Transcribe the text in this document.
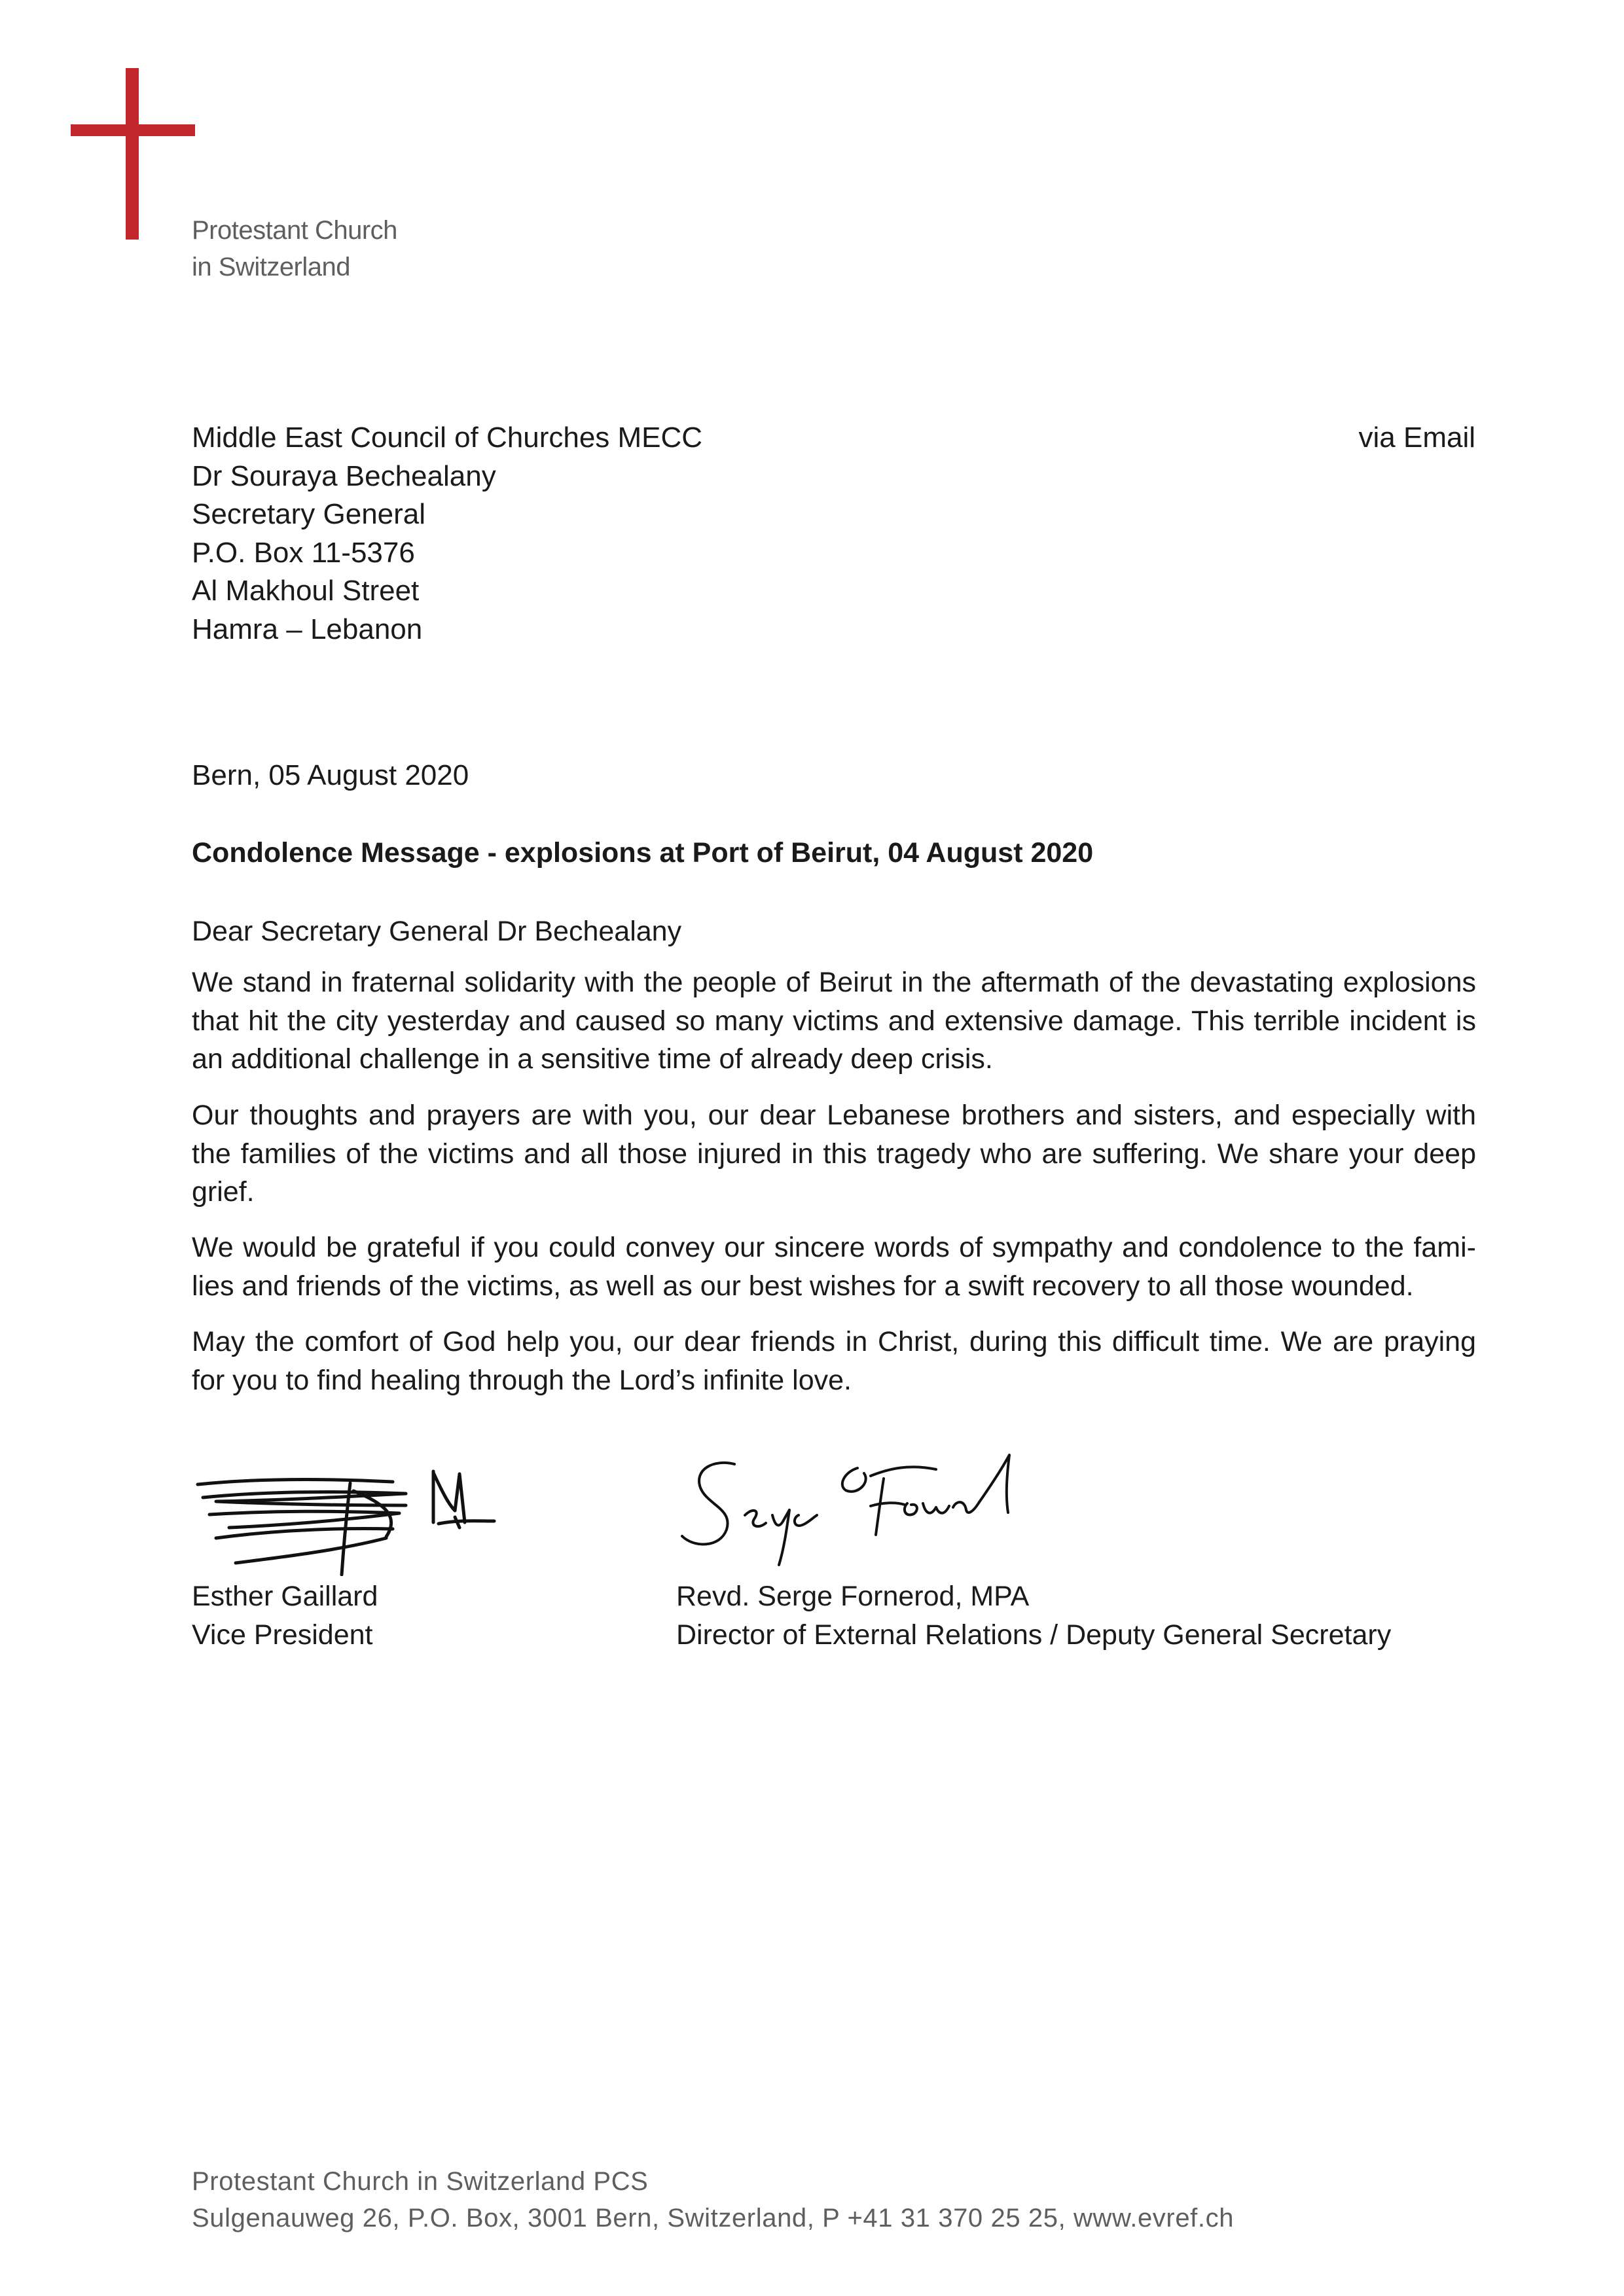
Protestant Church
in Switzerland
Middle East Council of Churches MECC
Dr Souraya Bechealany
Secretary General
P.O. Box 11-5376
Al Makhoul Street
Hamra – Lebanon
via Email
Bern, 05 August 2020
Condolence Message - explosions at Port of Beirut, 04 August 2020
Dear Secretary General Dr Bechealany
We stand in fraternal solidarity with the people of Beirut in the aftermath of the devastating explosions
that hit the city yesterday and caused so many victims and extensive damage. This terrible incident is
an additional challenge in a sensitive time of already deep crisis.
Our thoughts and prayers are with you, our dear Lebanese brothers and sisters, and especially with
the families of the victims and all those injured in this tragedy who are suffering. We share your deep
grief.
We would be grateful if you could convey our sincere words of sympathy and condolence to the fami-
lies and friends of the victims, as well as our best wishes for a swift recovery to all those wounded.
May the comfort of God help you, our dear friends in Christ, during this difficult time. We are praying
for you to find healing through the Lord’s infinite love.
Esther Gaillard
Vice President
Revd. Serge Fornerod, MPA
Director of External Relations / Deputy General Secretary
Protestant Church in Switzerland PCS
Sulgenauweg 26, P.O. Box, 3001 Bern, Switzerland, P +41 31 370 25 25, www.evref.ch
